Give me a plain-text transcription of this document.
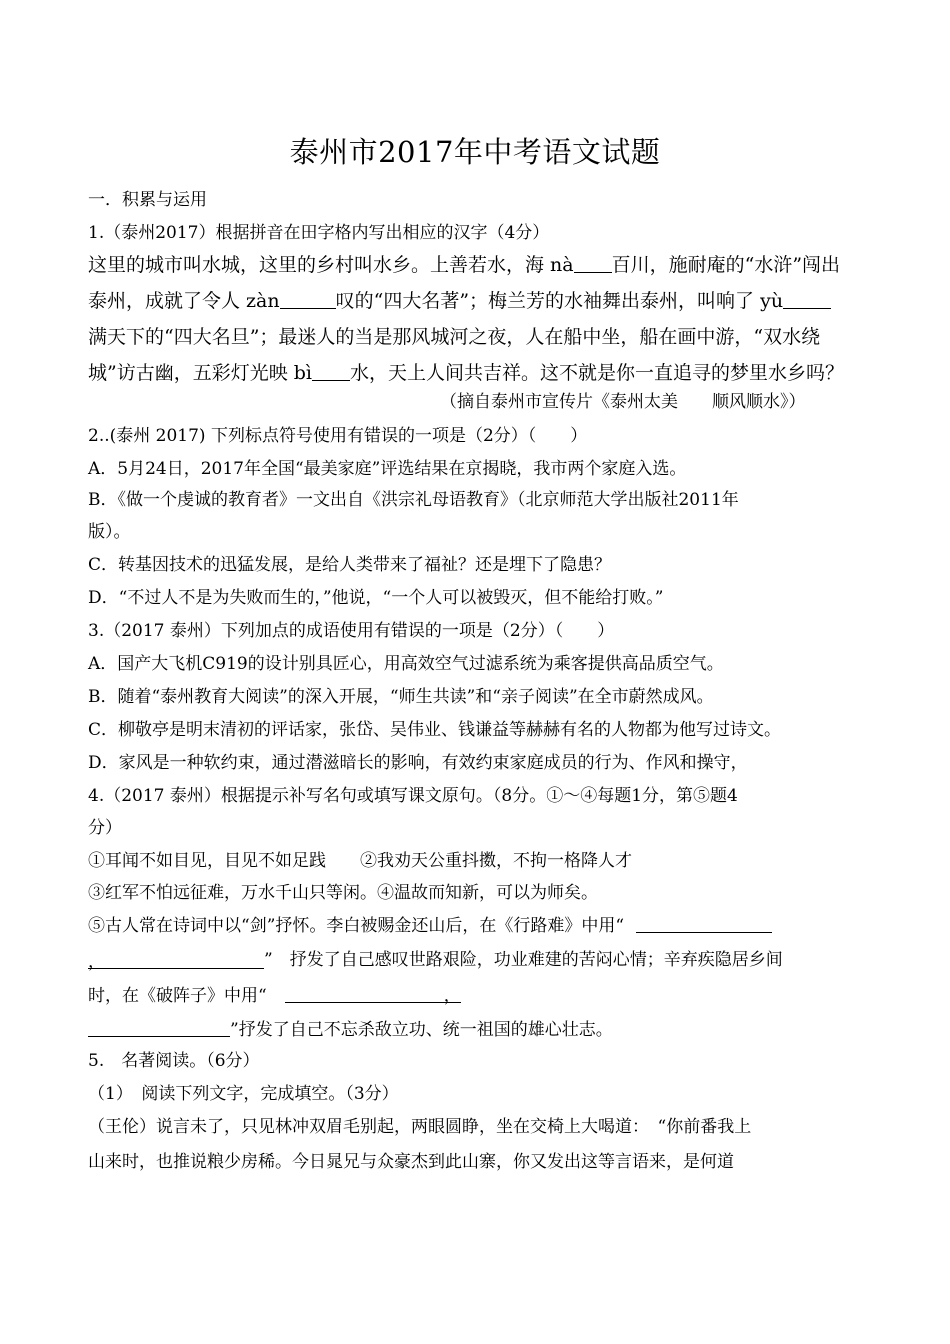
泰州市2017年中考语文试题
一．积累与运用
1.（泰州2017）根据拼音在田字格内写出相应的汉字（4分）
这里的城市叫水城，这里的乡村叫水乡。上善若水，海 nà 百川，施耐庵的“水浒”闯出
泰州，成就了令人 zàn	叹的“四大名著”；梅兰芳的水袖舞出泰州，叫响了 yù
满天下的“四大名旦”；最迷人的当是那风城河之夜，人在船中坐，船在画中游，“双水绕
城”访古幽，五彩灯光映 bì 水，天上人间共吉祥。这不就是你一直追寻的梦里水乡吗？
（摘自泰州市宣传片《泰州太美　　顺风顺水》）
2..(泰州 2017) 下列标点符号使用有错误的一项是（2分）（　　）
A．5月24日，2017年全国“最美家庭”评选结果在京揭晓，我市两个家庭入选。
B．《做一个虔诚的教育者》一文出自《洪宗礼母语教育》（北京师范大学出版社2011年
版）。
C．转基因技术的迅猛发展，是给人类带来了福祉？还是埋下了隐患？
D．“不过人不是为失败而生的，”他说，“一个人可以被毁灭，但不能给打败。”
3.（2017 泰州）下列加点的成语使用有错误的一项是（2分）（　　）
A．国产大飞机C919的设计别具匠心，用高效空气过滤系统为乘客提供高品质空气。
B．随着“泰州教育大阅读”的深入开展，“师生共读”和“亲子阅读”在全市蔚然成风。
C．柳敬亭是明末清初的评话家，张岱、吴伟业、钱谦益等赫赫有名的人物都为他写过诗文。
D．家风是一种软约束，通过潜滋暗长的影响，有效约束家庭成员的行为、作风和操守，
4.（2017 泰州）根据提示补写名句或填写课文原句。（8分。①～④每题1分，第⑤题4
分）
①耳闻不如目见，目见不如足践　　②我劝天公重抖擞，不拘一格降人才
③红军不怕远征难，万水千山只等闲。④温故而知新，可以为师矣。
⑤古人常在诗词中以“剑”抒怀。李白被赐金还山后，在《行路难》中用“
，	”　抒发了自己感叹世路艰险，功业难建的苦闷心情；辛弃疾隐居乡间
时，在《破阵子》中用“	，
”抒发了自己不忘杀敌立功、统一祖国的雄心壮志。
5.　名著阅读。（6分）
（1）　阅读下列文字，完成填空。（3分）
（王伦）说言未了，只见林冲双眉毛别起，两眼圆睁，坐在交椅上大喝道：　“你前番我上
山来时，也推说粮少房稀。今日晁兄与众豪杰到此山寨，你又发出这等言语来，是何道
